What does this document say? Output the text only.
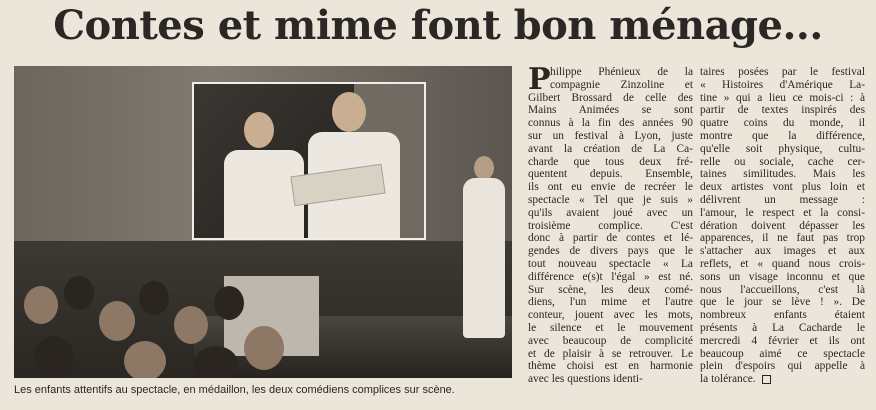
Contes et mime font bon ménage...
Les enfants attentifs au spectacle, en médaillon, les deux comédiens complices sur scène.
P hilippe Phénieux de la
compagnie Zinzoline et
Gilbert Brossard de celle des
Mains Animées se sont
connus à la fin des années 90
sur un festival à Lyon, juste
avant la création de La Ca-
charde que tous deux fré-
quentent depuis. Ensemble,
ils ont eu envie de recréer le
spectacle « Tel que je suis »
qu'ils avaient joué avec un
troisième complice. C'est
donc à partir de contes et lé-
gendes de divers pays que le
tout nouveau spectacle « La
différence e(s)t l'égal » est né.
Sur scène, les deux comé-
diens, l'un mime et l'autre
conteur, jouent avec les mots,
le silence et le mouvement
avec beaucoup de complicité
et de plaisir à se retrouver. Le
thème choisi est en harmonie
avec les questions identi-
taires posées par le festival
« Histoires d'Amérique La-
tine » qui a lieu ce mois-ci : à
partir de textes inspirés des
quatre coins du monde, il
montre que la différence,
qu'elle soit physique, cultu-
relle ou sociale, cache cer-
taines similitudes. Mais les
deux artistes vont plus loin et
délivrent un message :
l'amour, le respect et la consi-
dération doivent dépasser les
apparences, il ne faut pas trop
s'attacher aux images et aux
reflets, et « quand nous crois-
sons un visage inconnu et que
nous l'accueillons, c'est là
que le jour se lève ! ». De
nombreux enfants étaient
présents à La Cacharde le
mercredi 4 février et ils ont
beaucoup aimé ce spectacle
plein d'espoirs qui appelle à
la tolérance.
